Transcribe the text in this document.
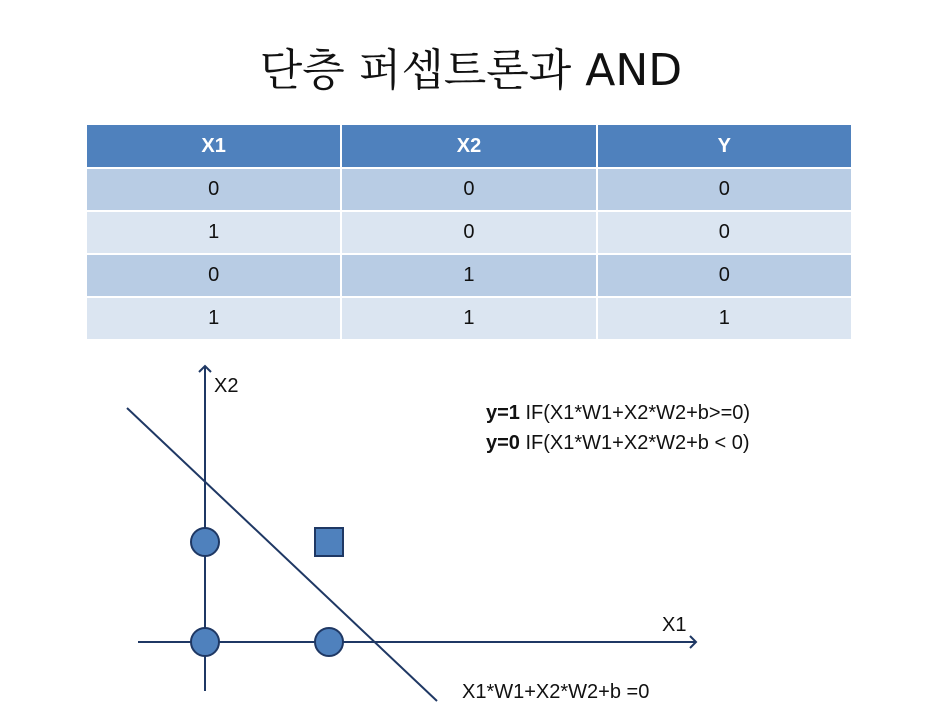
단층 퍼셉트론과 AND
X1	X2	Y
0	0	0
1	0	0
0	1	0
1	1	1
X2
X1
X1*W1+X2*W2+b =0
y=1 IF(X1*W1+X2*W2+b>=0)
y=0 IF(X1*W1+X2*W2+b < 0)
